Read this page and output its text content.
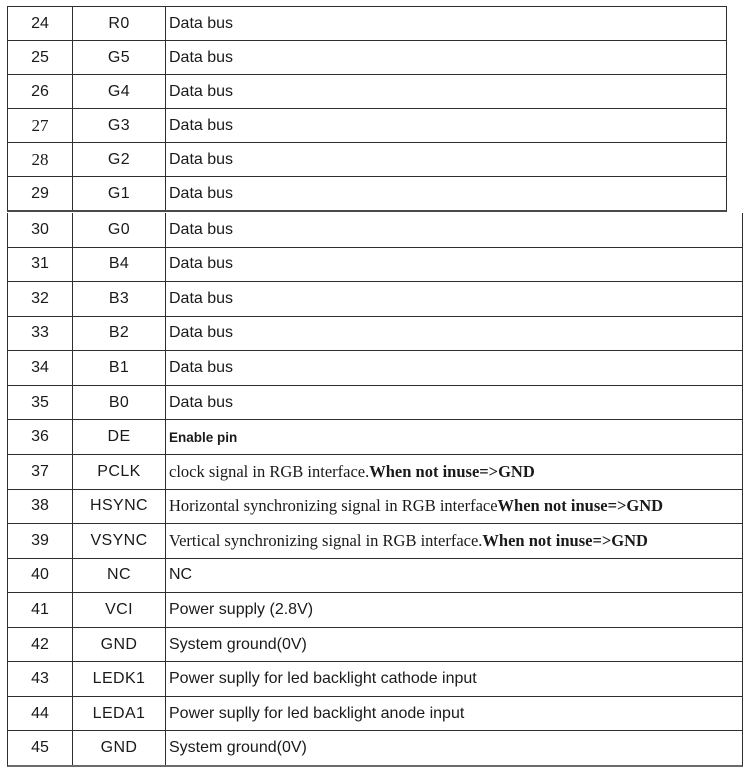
24	R0	Data bus
25	G5	Data bus
26	G4	Data bus
27	G3	Data bus
28	G2	Data bus
29	G1	Data bus
30	G0	Data bus
31	B4	Data bus
32	B3	Data bus
33	B2	Data bus
34	B1	Data bus
35	B0	Data bus
36	DE	Enable pin
37	PCLK	clock signal in RGB interface. When not inuse=>GND
38	HSYNC	Horizontal synchronizing signal in RGB interface When not inuse=>GND
39	VSYNC	Vertical synchronizing signal in RGB interface. When not inuse=>GND
40	NC	NC
41	VCI	Power supply (2.8V)
42	GND	System ground(0V)
43	LEDK1	Power suplly for led backlight cathode input
44	LEDA1	Power suplly for led backlight anode input
45	GND	System ground(0V)
